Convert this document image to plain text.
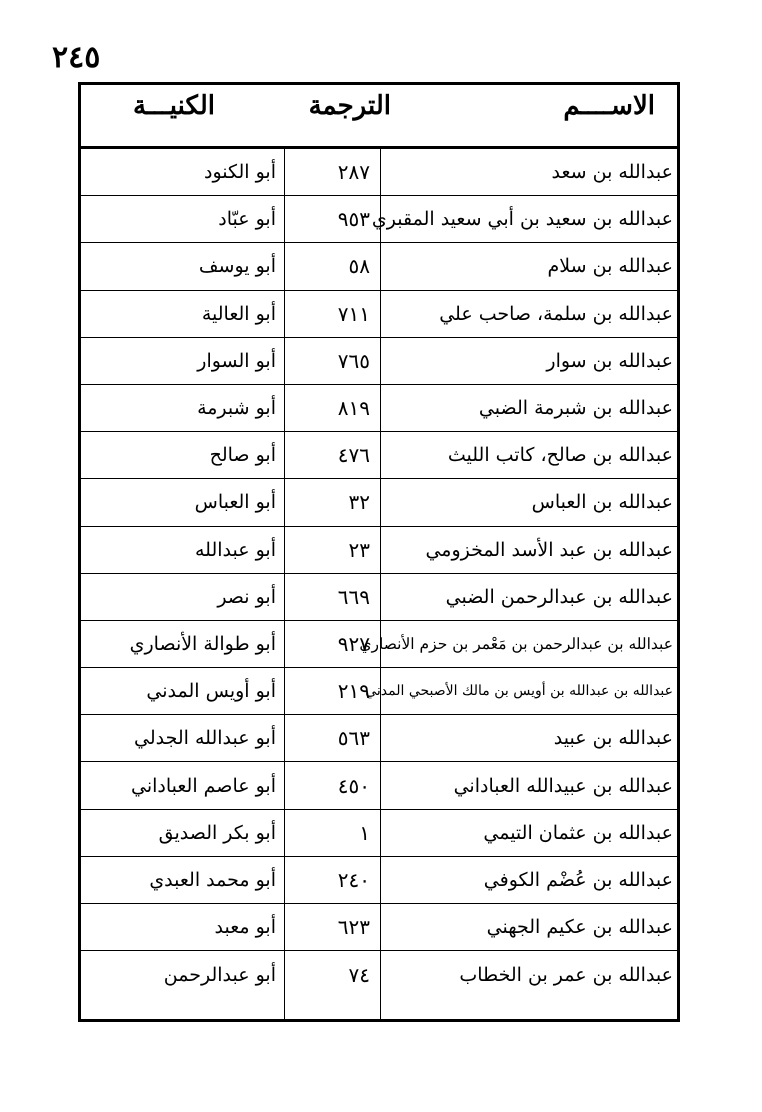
٢٤٥
الاســــم
الترجمة
الكنيـــة
عبدالله بن سعد
٢٨٧
أبو الكنود
عبدالله بن سعيد بن أبي سعيد المقبري
٩٥٣
أبو عبّاد
عبدالله بن سلام
٥٨
أبو يوسف
عبدالله بن سلمة، صاحب علي
٧١١
أبو العالية
عبدالله بن سوار
٧٦٥
أبو السوار
عبدالله بن شبرمة الضبي
٨١٩
أبو شبرمة
عبدالله بن صالح، كاتب الليث
٤٧٦
أبو صالح
عبدالله بن العباس
٣٢
أبو العباس
عبدالله بن عبد الأسد المخزومي
٢٣
أبو عبدالله
عبدالله بن عبدالرحمن الضبي
٦٦٩
أبو نصر
عبدالله بن عبدالرحمن بن مَعْمر بن حزم الأنصاري
٩٢٧
أبو طوالة الأنصاري
عبدالله بن عبدالله بن أويس بن مالك الأصبحي المدني
٢١٩
أبو أويس المدني
عبدالله بن عبيد
٥٦٣
أبو عبدالله الجدلي
عبدالله بن عبيدالله العباداني
٤٥٠
أبو عاصم العباداني
عبدالله بن عثمان التيمي
١
أبو بكر الصديق
عبدالله بن عُضْم الكوفي
٢٤٠
أبو محمد العبدي
عبدالله بن عكيم الجهني
٦٢٣
أبو معبد
عبدالله بن عمر بن الخطاب
٧٤
أبو عبدالرحمن
